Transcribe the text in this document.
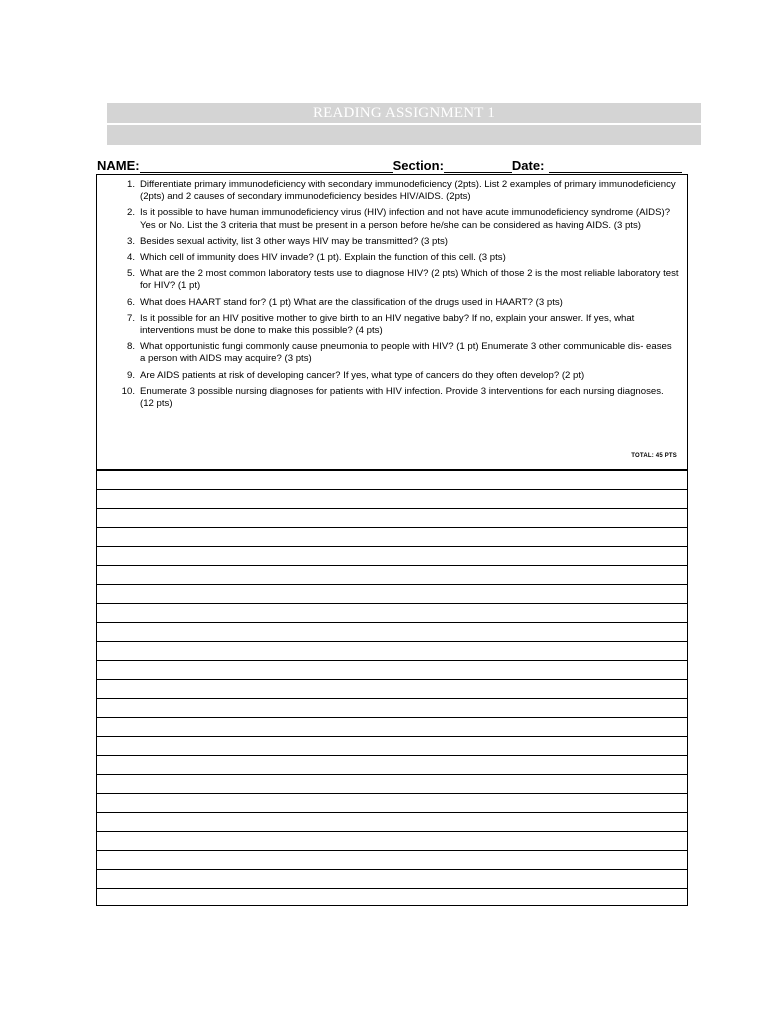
READING ASSIGNMENT 1
NAME:	Section:	Date:
1. Differentiate primary immunodeficiency with secondary immunodeficiency (2pts). List 2 examples of primary immunodeficiency (2pts) and 2 causes of secondary immunodeficiency besides HIV/AIDS. (2pts)
2. Is it possible to have human immunodeficiency virus (HIV) infection and not have acute immunodeficiency syndrome (AIDS)? Yes or No. List the 3 criteria that must be present in a person before he/she can be considered as having AIDS. (3 pts)
3. Besides sexual activity, list 3 other ways HIV may be transmitted? (3 pts)
4. Which cell of immunity does HIV invade? (1 pt). Explain the function of this cell. (3 pts)
5. What are the 2 most common laboratory tests use to diagnose HIV? (2 pts) Which of those 2 is the most reliable laboratory test for HIV? (1 pt)
6. What does HAART stand for? (1 pt) What are the classification of the drugs used in HAART? (3 pts)
7. Is it possible for an HIV positive mother to give birth to an HIV negative baby? If no, explain your answer. If yes, what interventions must be done to make this possible? (4 pts)
8. What opportunistic fungi commonly cause pneumonia to people with HIV? (1 pt) Enumerate 3 other communicable dis- eases a person with AIDS may acquire? (3 pts)
9. Are AIDS patients at risk of developing cancer? If yes, what type of cancers do they often develop? (2 pt)
10. Enumerate 3 possible nursing diagnoses for patients with HIV infection. Provide 3 interventions for each nursing diagnoses. (12 pts)
TOTAL: 45 PTS
